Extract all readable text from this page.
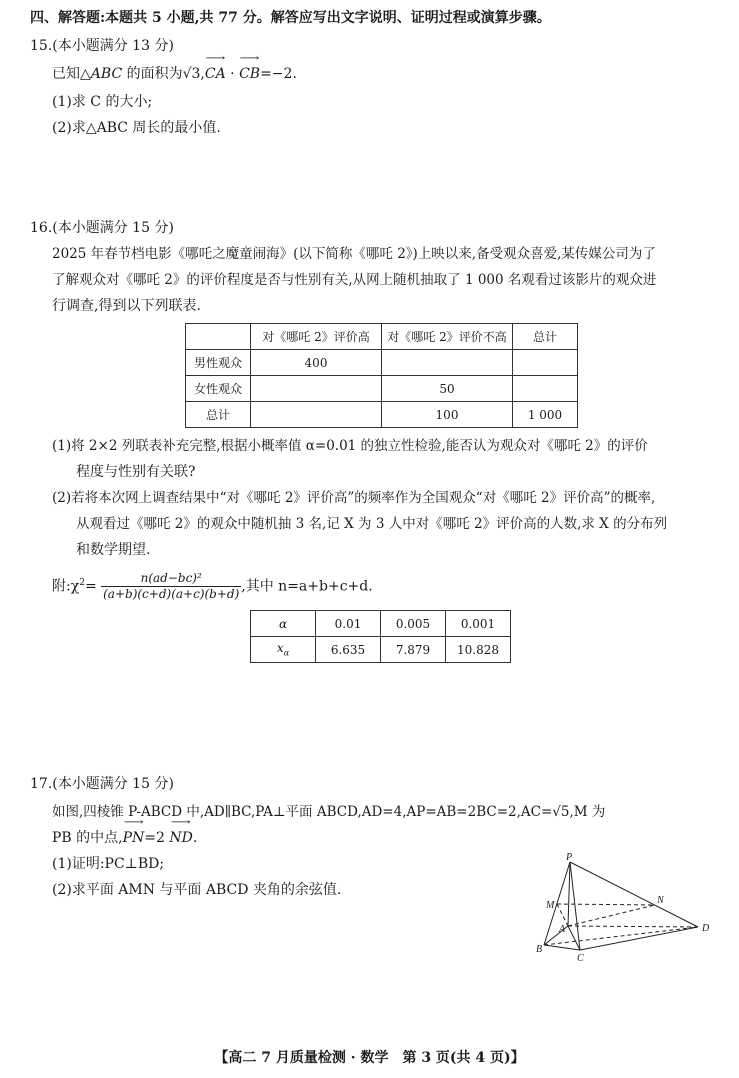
四、解答题:本题共 5 小题,共 77 分。解答应写出文字说明、证明过程或演算步骤。
15.(本小题满分 13 分)
已知△ABC 的面积为√3,⟶ CA · ⟶ CB=−2.
(1)求 C 的大小;
(2)求△ABC 周长的最小值.
16.(本小题满分 15 分)
2025 年春节档电影《哪吒之魔童闹海》(以下简称《哪吒 2》)上映以来,备受观众喜爱,某传媒公司为了
了解观众对《哪吒 2》的评价程度是否与性别有关,从网上随机抽取了 1 000 名观看过该影片的观众进
行调查,得到以下列联表.
	对《哪吒 2》评价高	对《哪吒 2》评价不高	总计
男性观众	400		
女性观众		50	
总计		100	1 000
(1)将 2×2 列联表补充完整,根据小概率值 α=0.01 的独立性检验,能否认为观众对《哪吒 2》的评价
程度与性别有关联?
(2)若将本次网上调查结果中“对《哪吒 2》评价高”的频率作为全国观众“对《哪吒 2》评价高”的概率,
从观看过《哪吒 2》的观众中随机抽 3 名,记 X 为 3 人中对《哪吒 2》评价高的人数,求 X 的分布列
和数学期望.
附$:\chi^2= \frac{\text{n(ad−bc)²}}{(a+b)(c+d)(a+c)(b+d)}$ ,其中 n=a+b+c+d.
α	0.01	0.005	0.001
$x_\alpha$	6.635	7.879	10.828
17.(本小题满分 15 分)
如图,四棱锥 P-ABCD 中,AD∥BC,PA⊥平面 ABCD,AD=4,AP=AB=2BC=2,AC=√5,M 为
PB 的中点,⟶ PN=2 ⟶ ND.
(1)证明:PC⊥BD;
(2)求平面 AMN 与平面 ABCD 夹角的余弦值.
P
M	N
A
B
C
D
【高二 7 月质量检测 · 数学　第 3 页(共 4 页)】
